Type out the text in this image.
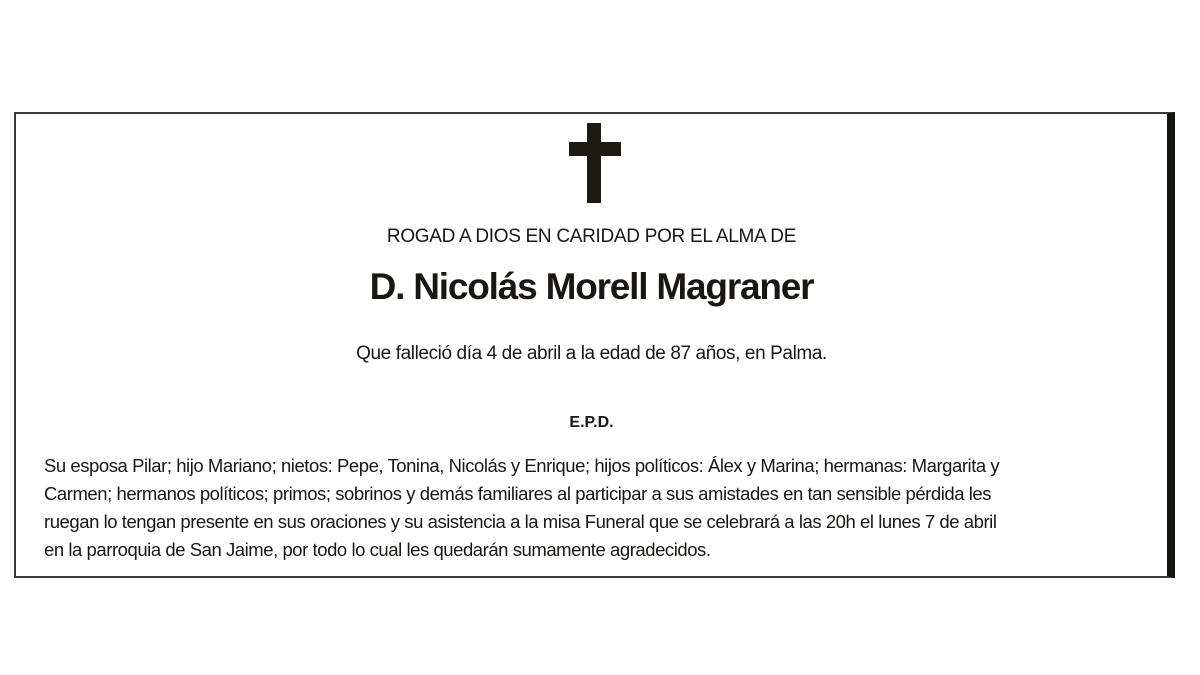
ROGAD A DIOS EN CARIDAD POR EL ALMA DE
D. Nicolás Morell Magraner
Que falleció día 4 de abril a la edad de 87 años, en Palma.
E.P.D.
Su esposa Pilar; hijo Mariano; nietos: Pepe, Tonina, Nicolás y Enrique; hijos políticos: Álex y Marina; hermanas: Margarita y
Carmen; hermanos políticos; primos; sobrinos y demás familiares al participar a sus amistades en tan sensible pérdida les
ruegan lo tengan presente en sus oraciones y su asistencia a la misa Funeral que se celebrará a las 20h el lunes 7 de abril
en la parroquia de San Jaime, por todo lo cual les quedarán sumamente agradecidos.
